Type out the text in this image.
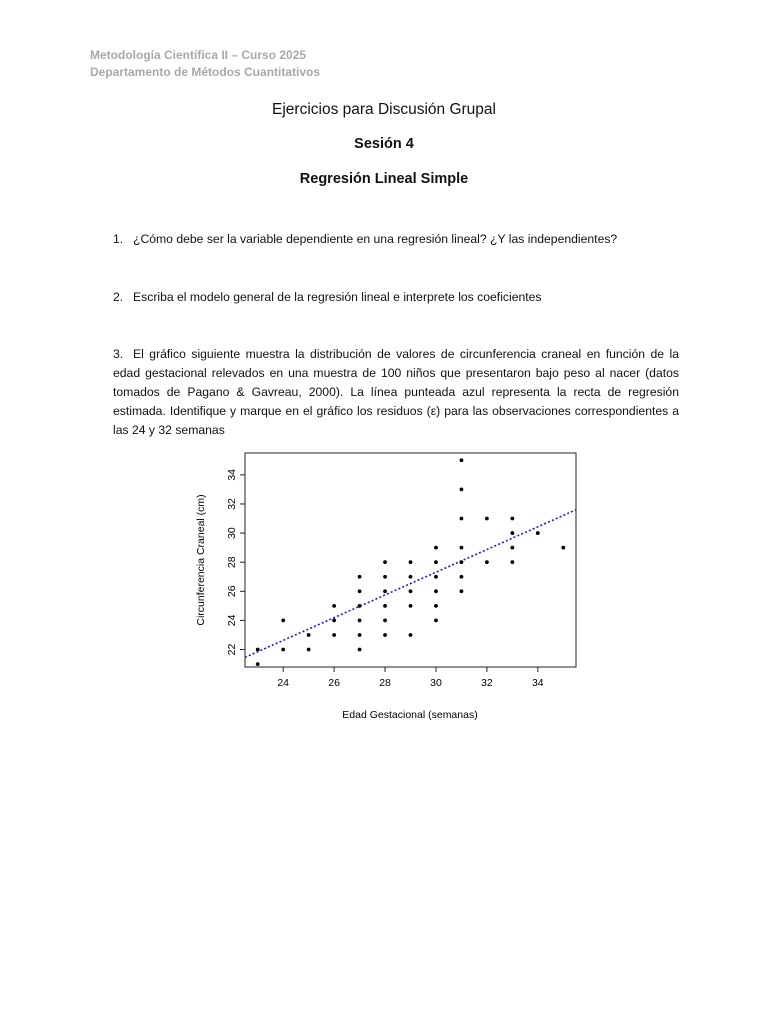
Metodología Científica II – Curso 2025
Departamento de Métodos Cuantitativos
Ejercicios para Discusión Grupal
Sesión 4
Regresión Lineal Simple
1. ¿Cómo debe ser la variable dependiente en una regresión lineal? ¿Y las independientes?
2. Escriba el modelo general de la regresión lineal e interprete los coeficientes
3. El gráfico siguiente muestra la distribución de valores de circunferencia craneal en función de la edad gestacional relevados en una muestra de 100 niños que presentaron bajo peso al nacer (datos tomados de Pagano & Gavreau, 2000). La línea punteada azul representa la recta de regresión estimada. Identifique y marque en el gráfico los residuos (ε) para las observaciones correspondientes a las 24 y 32 semanas
24	26	28	30	32	34
22
24
26
28
30
32
34
Edad Gestacional (semanas)
Circunferencia Craneal (cm)
